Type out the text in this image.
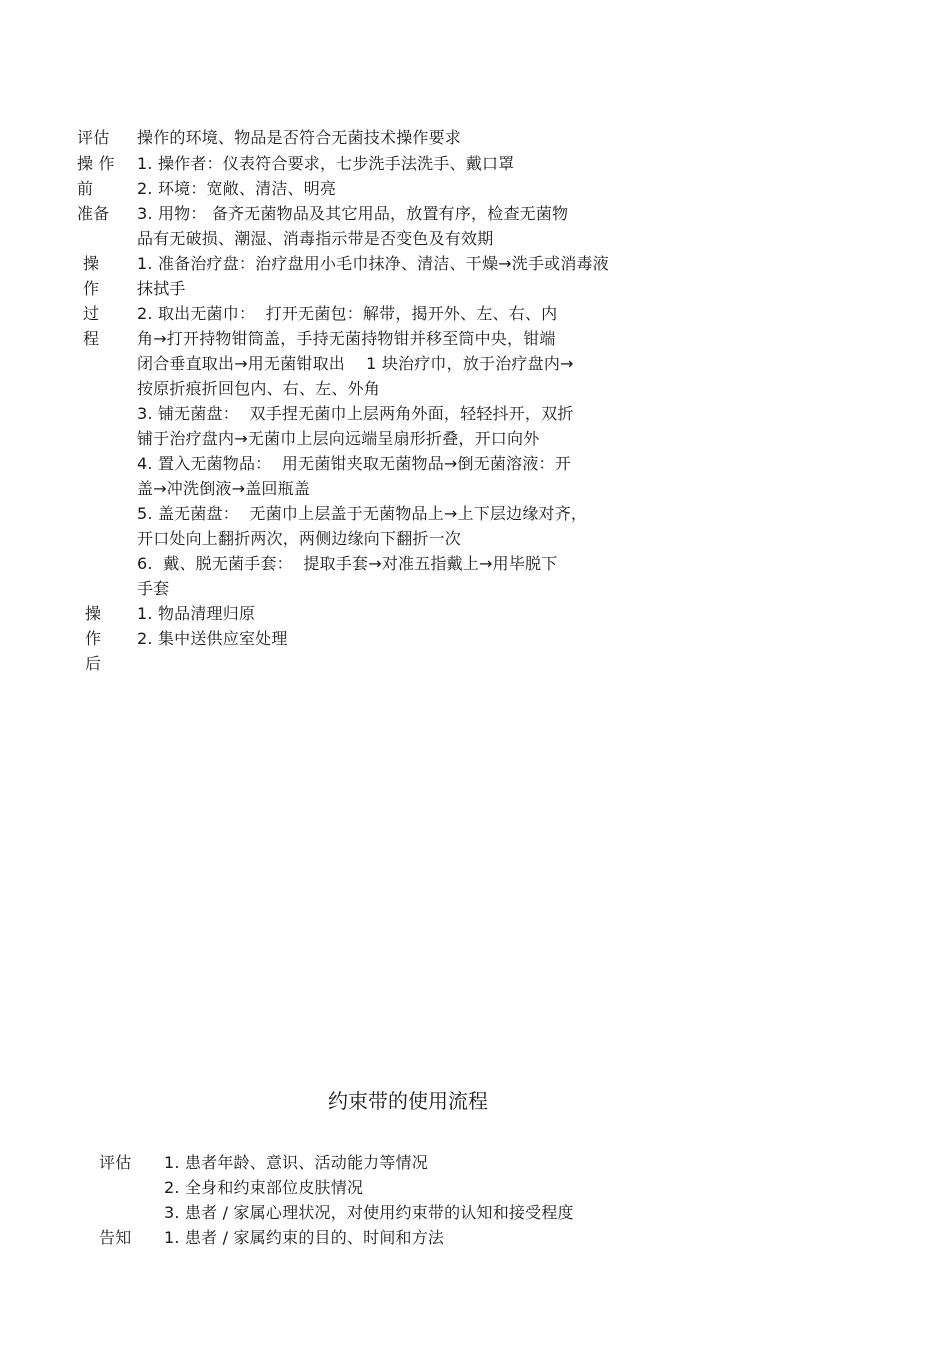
评估 操作的环境、物品是否符合无菌技术操作要求
操 作
前
准备
1. 操作者：仪表符合要求，七步洗手法洗手、戴口罩
2. 环境：宽敞、清洁、明亮
3. 用物： 备齐无菌物品及其它用品，放置有序，检查无菌物
品有无破损、潮湿、消毒指示带是否变色及有效期
操
作
过
程
1. 准备治疗盘：治疗盘用小毛巾抹净、清洁、干燥→洗手或消毒液
抹拭手
2. 取出无菌巾：  打开无菌包：解带，揭开外、左、右、内
角→打开持物钳筒盖，手持无菌持物钳并移至筒中央，钳端
闭合垂直取出→用无菌钳取出    1 块治疗巾，放于治疗盘内→
按原折痕折回包内、右、左、外角
3. 铺无菌盘：  双手捏无菌巾上层两角外面，轻轻抖开，双折
铺于治疗盘内→无菌巾上层向远端呈扇形折叠，开口向外
4. 置入无菌物品：  用无菌钳夹取无菌物品→倒无菌溶液：开
盖→冲洗倒液→盖回瓶盖
5. 盖无菌盘：  无菌巾上层盖于无菌物品上→上下层边缘对齐，
开口处向上翻折两次，两侧边缘向下翻折一次
6.  戴、脱无菌手套：  提取手套→对准五指戴上→用毕脱下
手套
操
作
后
1. 物品清理归原
2. 集中送供应室处理
约束带的使用流程
评估 1. 患者年龄、意识、活动能力等情况
2. 全身和约束部位皮肤情况
3. 患者 / 家属心理状况，对使用约束带的认知和接受程度
告知 1. 患者 / 家属约束的目的、时间和方法
